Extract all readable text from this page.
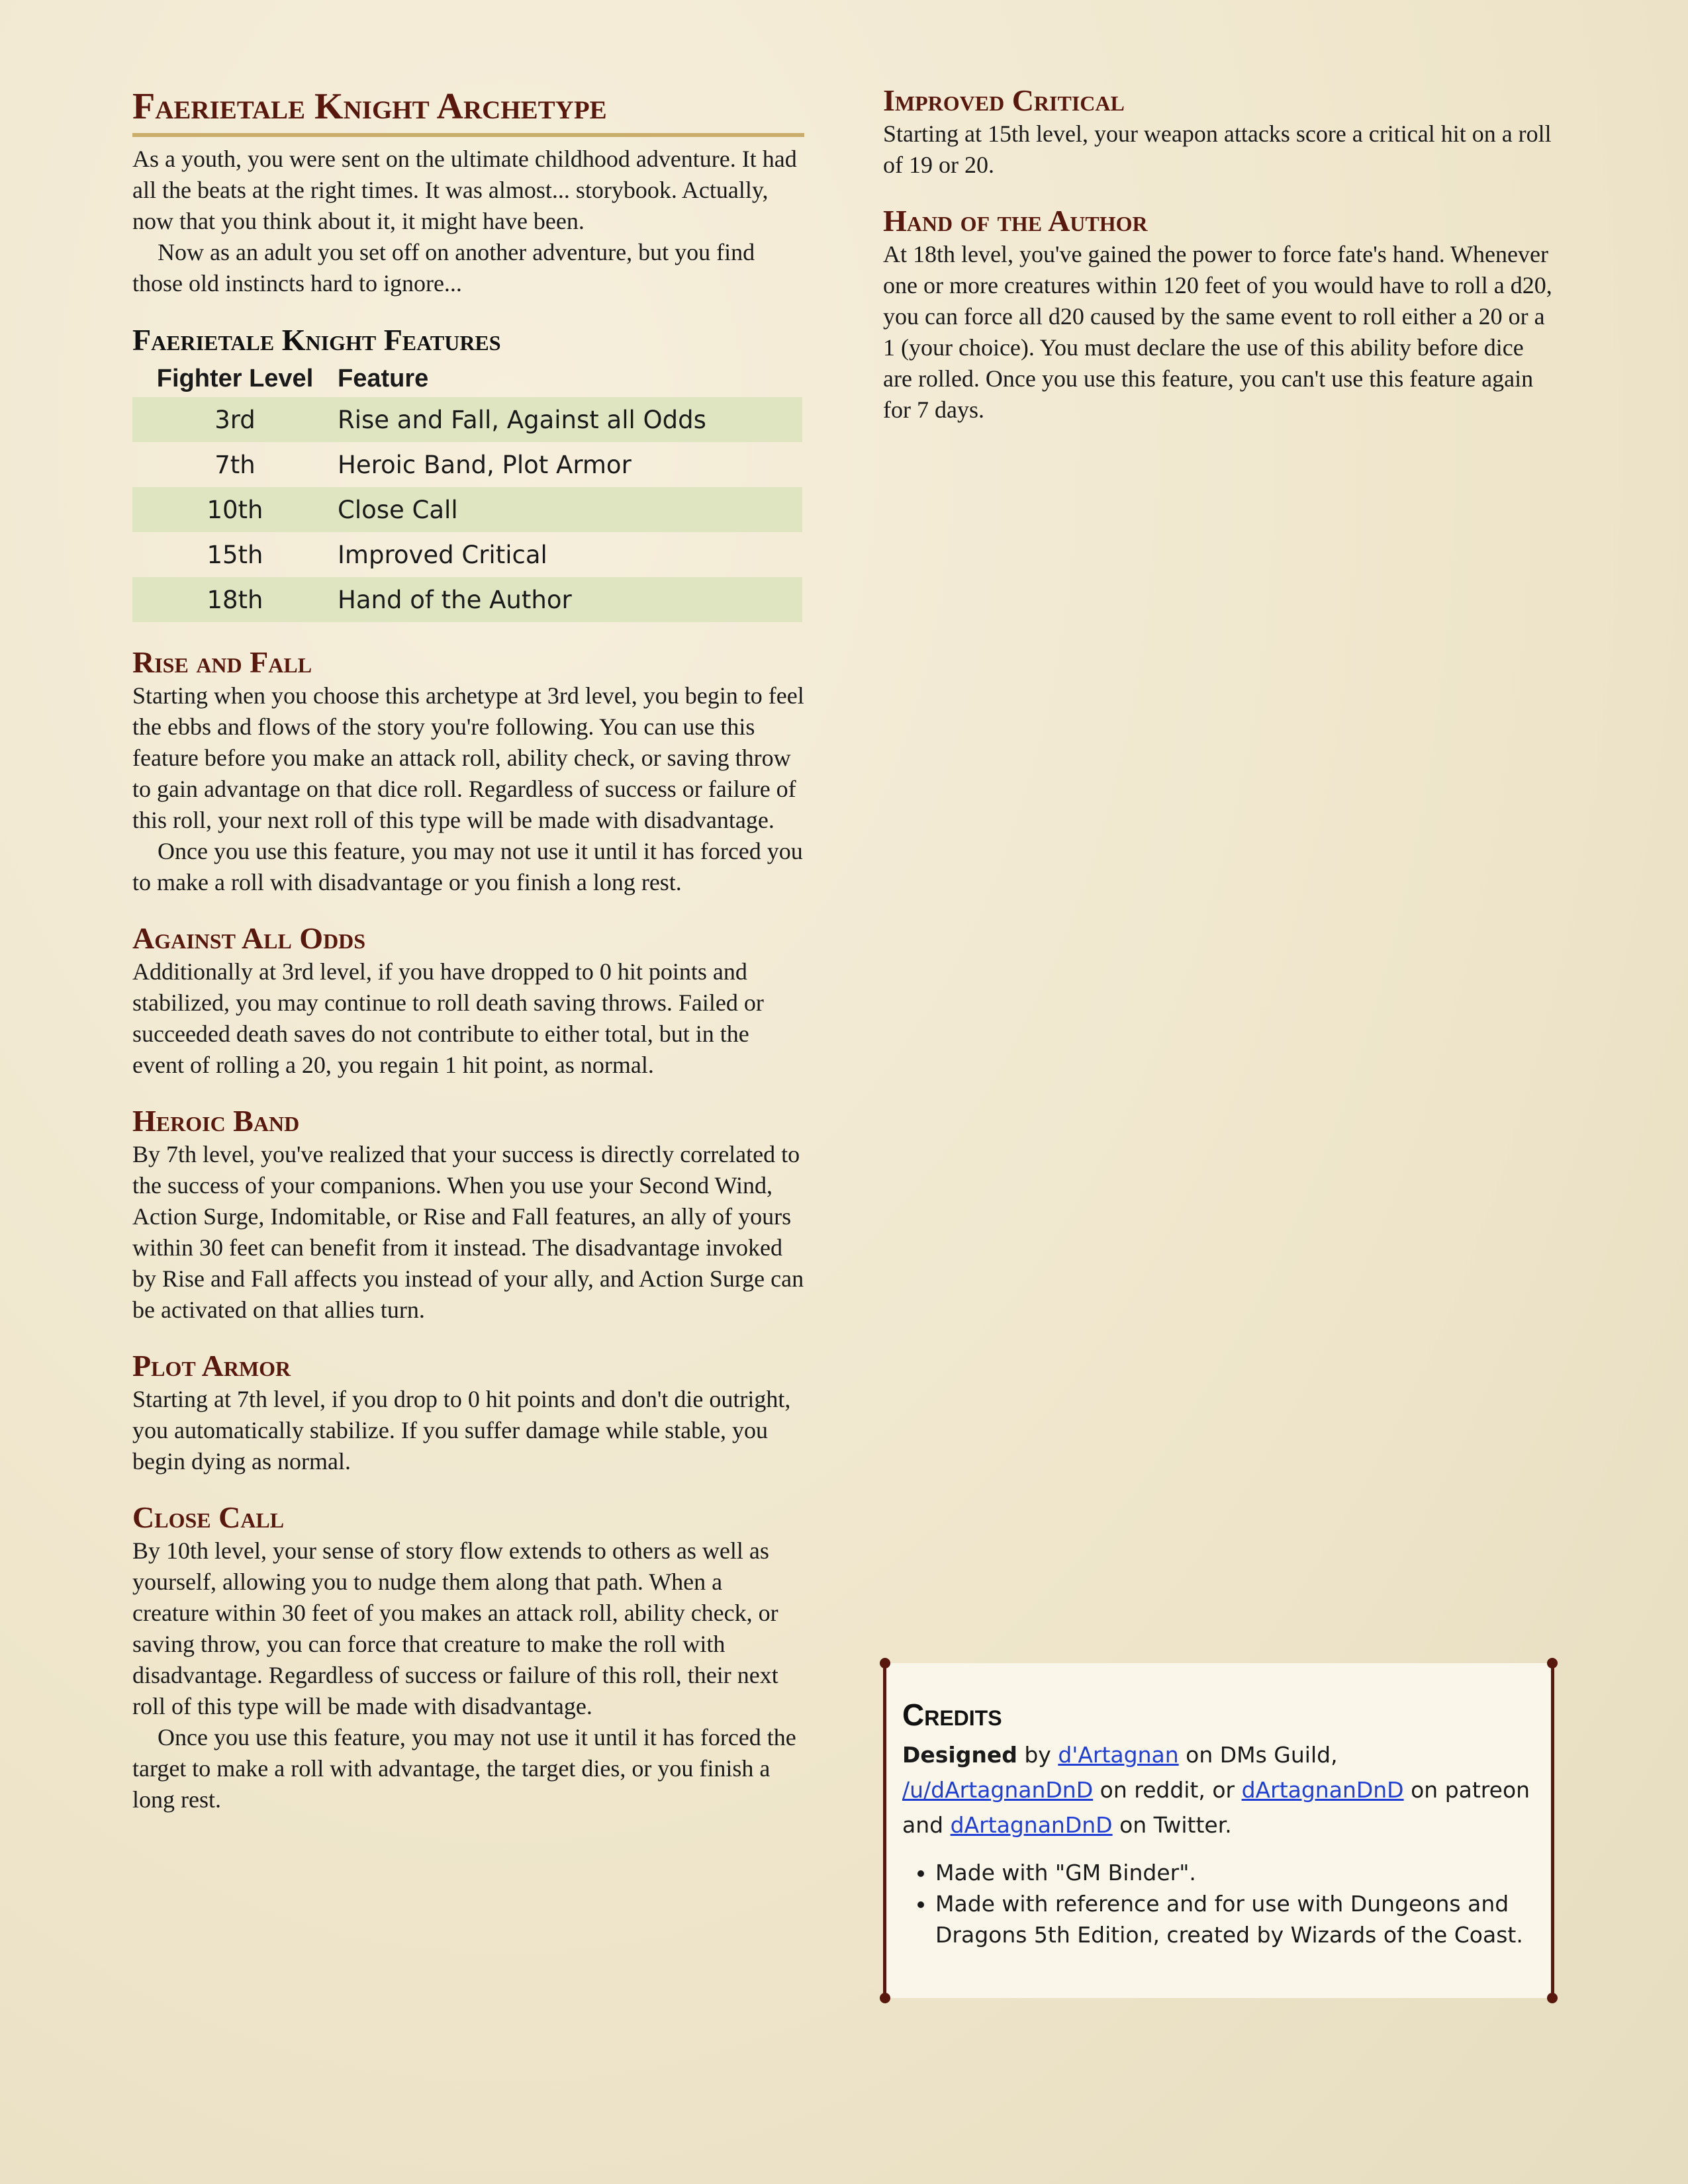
Faerietale Knight Archetype

As a youth, you were sent on the ultimate childhood adventure. It had all the beats at the right times. It was almost... storybook. Actually, now that you think about it, it might have been.

Now as an adult you set off on another adventure, but you find those old instincts hard to ignore...

Faerietale Knight Features
Fighter Level	Feature
3rd	Rise and Fall, Against all Odds
7th	Heroic Band, Plot Armor
10th	Close Call
15th	Improved Critical
18th	Hand of the Author
Rise and Fall

Starting when you choose this archetype at 3rd level, you begin to feel the ebbs and flows of the story you're following. You can use this feature before you make an attack roll, ability check, or saving throw to gain advantage on that dice roll. Regardless of success or failure of this roll, your next roll of this type will be made with disadvantage.

Once you use this feature, you may not use it until it has forced you to make a roll with disadvantage or you finish a long rest.

Against All Odds

Additionally at 3rd level, if you have dropped to 0 hit points and stabilized, you may continue to roll death saving throws. Failed or succeeded death saves do not contribute to either total, but in the event of rolling a 20, you regain 1 hit point, as normal.

Heroic Band

By 7th level, you've realized that your success is directly correlated to the success of your companions. When you use your Second Wind, Action Surge, Indomitable, or Rise and Fall features, an ally of yours within 30 feet can benefit from it instead. The disadvantage invoked by Rise and Fall affects you instead of your ally, and Action Surge can be activated on that allies turn.

Plot Armor

Starting at 7th level, if you drop to 0 hit points and don't die outright, you automatically stabilize. If you suffer damage while stable, you begin dying as normal.

Close Call

By 10th level, your sense of story flow extends to others as well as yourself, allowing you to nudge them along that path. When a creature within 30 feet of you makes an attack roll, ability check, or saving throw, you can force that creature to make the roll with disadvantage. Regardless of success or failure of this roll, their next roll of this type will be made with disadvantage.

Once you use this feature, you may not use it until it has forced the target to make a roll with advantage, the target dies, or you finish a long rest.

Improved Critical

Starting at 15th level, your weapon attacks score a critical hit on a roll of 19 or 20.

Hand of the Author

At 18th level, you've gained the power to force fate's hand. Whenever one or more creatures within 120 feet of you would have to roll a d20, you can force all d20 caused by the same event to roll either a 20 or a 1 (your choice). You must declare the use of this ability before dice are rolled. Once you use this feature, you can't use this feature again for 7 days.

Credits

Designed by d'Artagnan on DMs Guild, /u/dArtagnanDnD on reddit, or dArtagnanDnD on patreon and dArtagnanDnD on Twitter.

• Made with "GM Binder".
• Made with reference and for use with Dungeons and Dragons 5th Edition, created by Wizards of the Coast.
